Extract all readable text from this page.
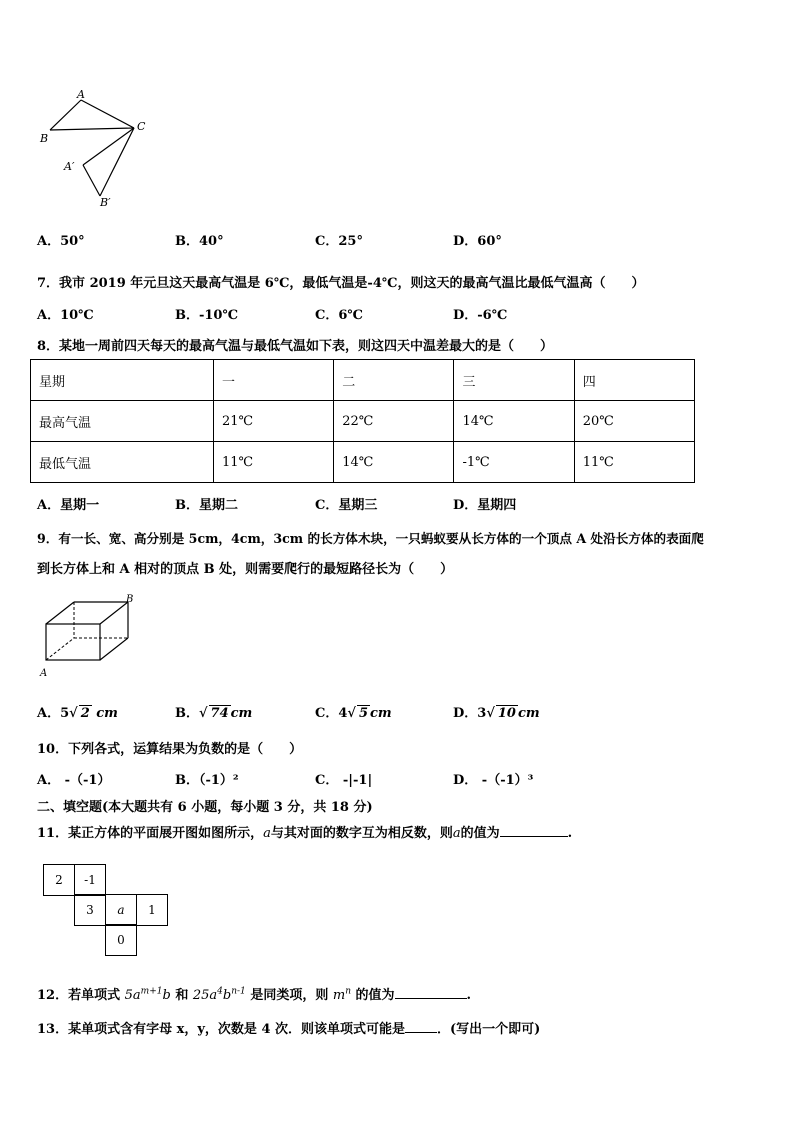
A
B
C
A′
B′
A．50°	B．40°	C．25°	D．60°
7．我市 2019 年元旦这天最高气温是 6℃，最低气温是-4℃，则这天的最高气温比最低气温高（　　）
A．10℃	B．-10℃	C．6℃	D．-6℃
8．某地一周前四天每天的最高气温与最低气温如下表，则这四天中温差最大的是（　　）
星期	一	二	三	四
最高气温	21℃	22℃	14℃	20℃
最低气温	11℃	14℃	-1℃	11℃
A．星期一	B．星期二	C．星期三	D．星期四
9．有一长、宽、高分别是 5cm，4cm，3cm 的长方体木块，一只蚂蚁要从长方体的一个顶点 A 处沿长方体的表面爬
到长方体上和 A 相对的顶点 B 处，则需要爬行的最短路径长为（　　）
A
B
A．5√ 2 cm	B．√ 74 cm	C．4√ 5 cm	D．3√ 10 cm
10．下列各式，运算结果为负数的是（　　）
A． -（-1）	B．（-1）²	C． -|-1|	D． -（-1）³
二、填空题(本大题共有 6 小题，每小题 3 分，共 18 分)
11．某正方体的平面展开图如图所示，a与其对面的数字互为相反数，则a的值为	.
2	-1
3	a	1
0
12．若单项式 $5a^{m+1}b$ 和 $25a^4b^{n-1}$ 是同类项，则 $m^n$ 的值为	.
13．某单项式含有字母 x，y，次数是 4 次．则该单项式可能是 ．(写出一个即可)
